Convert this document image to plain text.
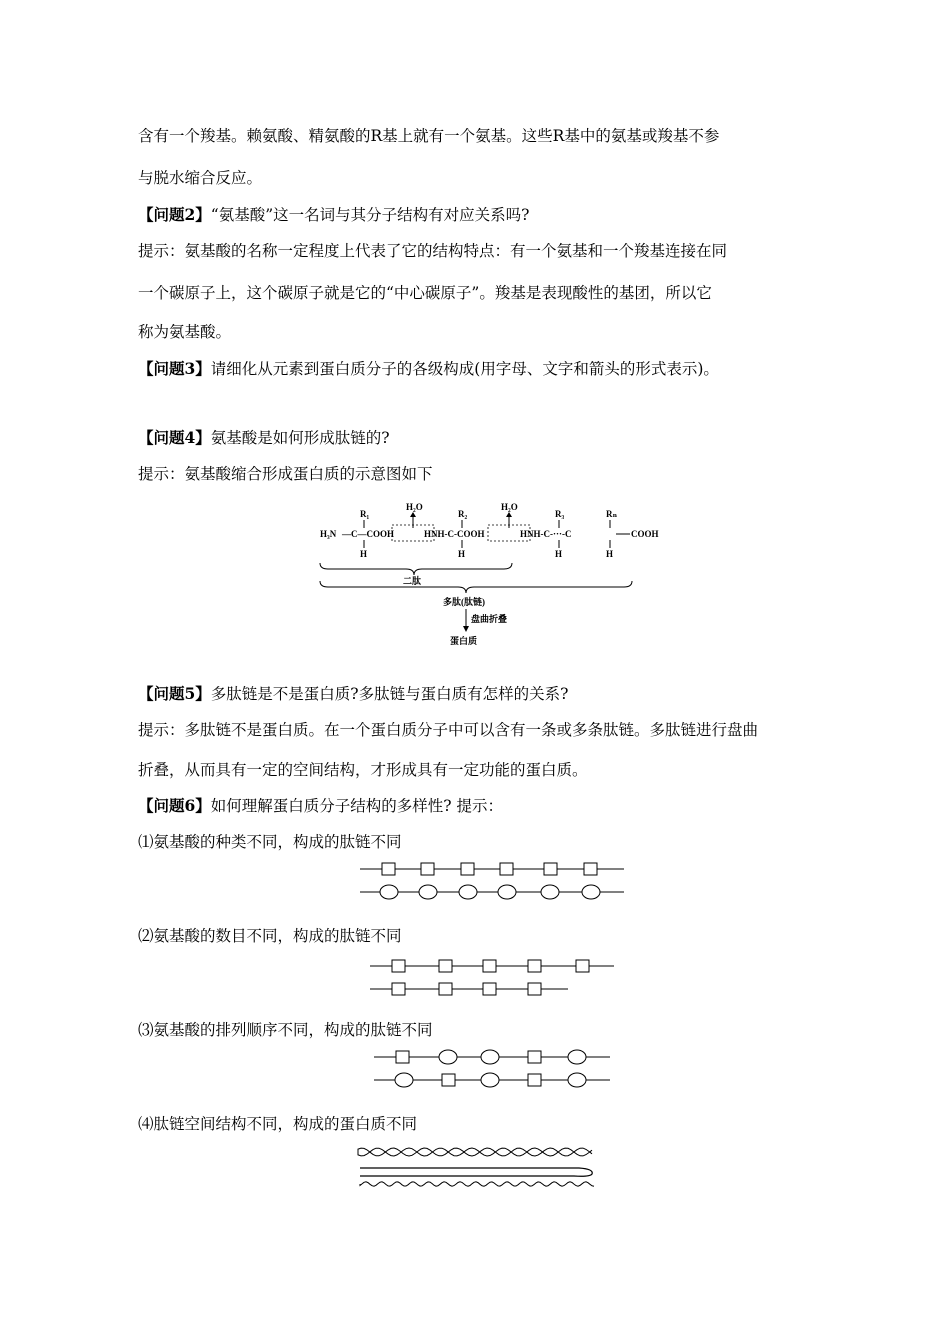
含有一个羧基。赖氨酸、精氨酸的R基上就有一个氨基。这些R基中的氨基或羧基不参
与脱水缩合反应。
【问题2】“氨基酸”这一名词与其分子结构有对应关系吗?
提示：氨基酸的名称一定程度上代表了它的结构特点：有一个氨基和一个羧基连接在同
一个碳原子上，这个碳原子就是它的“中心碳原子”。羧基是表现酸性的基团，所以它
称为氨基酸。
【问题3】请细化从元素到蛋白质分子的各级构成(用字母、文字和箭头的形式表示)。
【问题4】氨基酸是如何形成肽链的?
提示：氨基酸缩合形成蛋白质的示意图如下
H₂O	H₂O
R₁	R₂	R₃	Rₙ
H₃N —C—COOH	HNH-C-COOH	HNH-C-···-C	COOH
H	H	H	H
二肽
多肽(肽链)
盘曲折叠
蛋白质
【问题5】多肽链是不是蛋白质?多肽链与蛋白质有怎样的关系?
提示：多肽链不是蛋白质。在一个蛋白质分子中可以含有一条或多条肽链。多肽链进行盘曲
折叠，从而具有一定的空间结构，才形成具有一定功能的蛋白质。
【问题6】如何理解蛋白质分子结构的多样性? 提示：
⑴氨基酸的种类不同，构成的肽链不同
⑵氨基酸的数目不同，构成的肽链不同
⑶氨基酸的排列顺序不同，构成的肽链不同
⑷肽链空间结构不同，构成的蛋白质不同
